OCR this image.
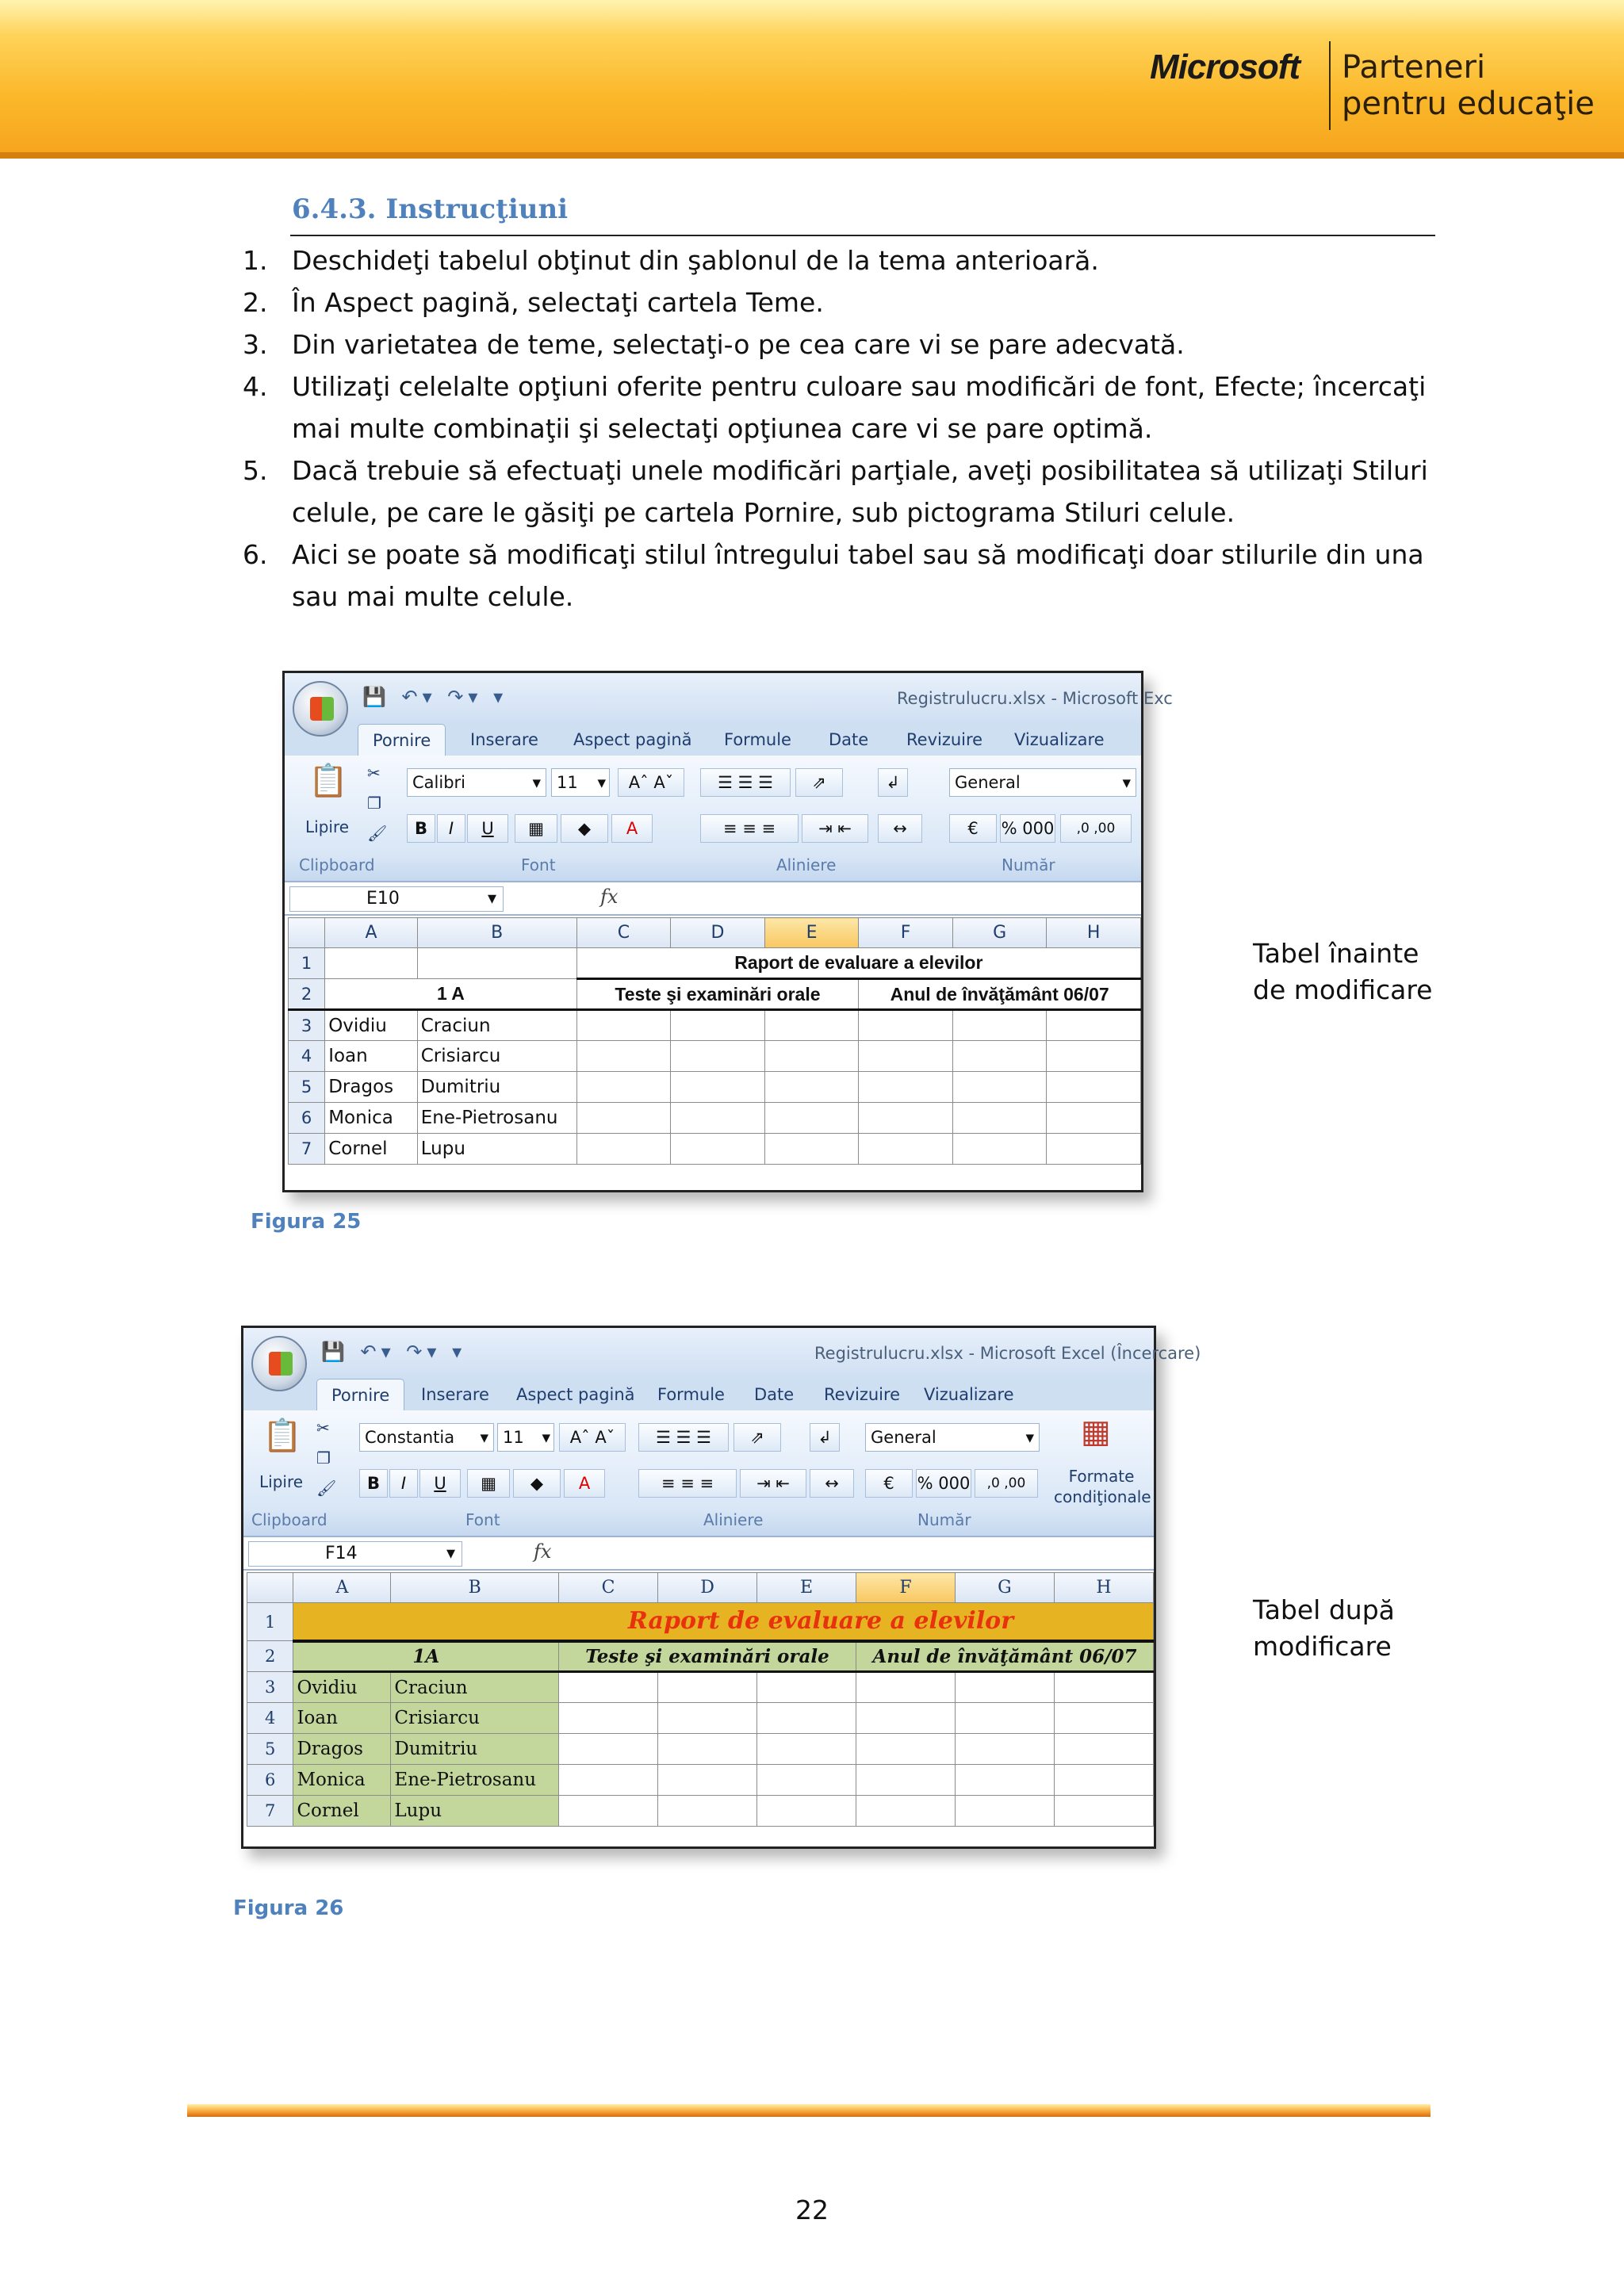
Microsoft Parteneri
pentru educaţie
6.4.3. Instrucţiuni
1. Deschideţi tabelul obţinut din şablonul de la tema anterioară.
2. În Aspect pagină, selectaţi cartela Teme.
3. Din varietatea de teme, selectaţi-o pe cea care vi se pare adecvată.
4. Utilizaţi celelalte opţiuni oferite pentru culoare sau modificări de font, Efecte; încercaţi mai multe combinaţii şi selectaţi opţiunea care vi se pare optimă.
5. Dacă trebuie să efectuaţi unele modificări parţiale, aveţi posibilitatea să utilizaţi Stiluri celule, pe care le găsiţi pe cartela Pornire, sub pictograma Stiluri celule.
6. Aici se poate să modificaţi stilul întregului tabel sau să modificaţi doar stilurile din una sau mai multe celule.
💾 ↶▾ ↷▾ ▾	Registrulucru.xlsx - Microsoft Exc
Pornire	Inserare Aspect pagină Formule Date Revizuire Vizualizare
📋
Lipire
✂
❐
🖌
Calibri	▾ 11 ▾	Aˆ Aˇ
B	I	U	▦	◆	A
☰ ☰ ☰	⇗
≡ ≡ ≡	⇥ ⇤
↲
↔
General	▾
€	% 000	,0 ,00
Clipboard	Font	Aliniere	Număr
E10	▾	fx
	A	B	C	D	E	F	G	H
1			Raport de evaluare a elevilor					
2	1 A		Teste şi examinări orale			Anul de învăţământ 06/07		
3	Ovidiu	Craciun						
4	Ioan	Crisiarcu						
5	Dragos	Dumitriu						
6	Monica	Ene-Pietrosanu						
7	Cornel	Lupu						
Tabel înainte de modificare
Figura 25
💾 ↶▾ ↷▾ ▾	Registrulucru.xlsx - Microsoft Excel (Încercare)
Pornire	Inserare Aspect pagină Formule Date Revizuire Vizualizare
📋
Lipire
✂
❐
🖌
Constantia ▾ 11 ▾	Aˆ Aˇ
B	I	U	▦	◆	A
☰ ☰ ☰	⇗
≡ ≡ ≡	⇥ ⇤
↲
↔
General	▾
€	% 000	,0 ,00
▦
Formate condiţionale
Clipboard	Font	Aliniere	Număr
F14	▾	fx
	A	B	C	D	E	F	G	H
1	Raport de evaluare a elevilor							
2	1A		Teste şi examinări orale			Anul de învăţământ 06/07		
3	Ovidiu	Craciun						
4	Ioan	Crisiarcu						
5	Dragos	Dumitriu						
6	Monica	Ene-Pietrosanu						
7	Cornel	Lupu						
Tabel după modificare
Figura 26
22
